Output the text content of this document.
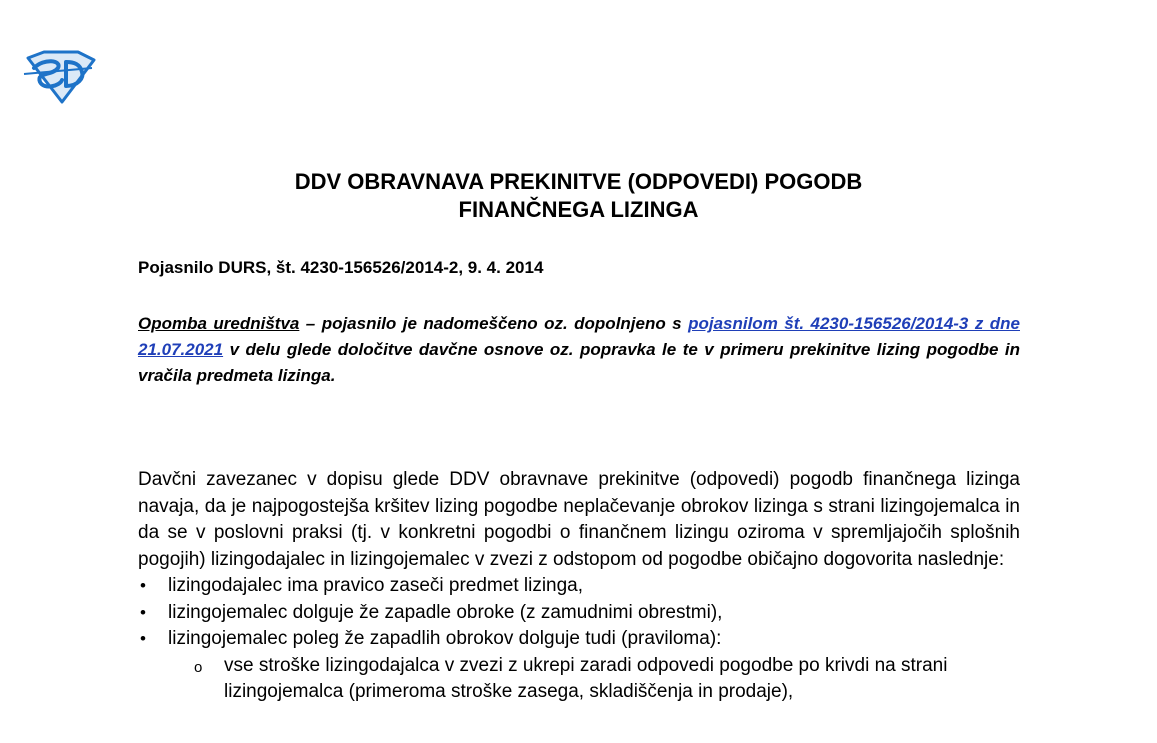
DDV OBRAVNAVA PREKINITVE (ODPOVEDI) POGODB
FINANČNEGA LIZINGA
Pojasnilo DURS, št. 4230-156526/2014-2, 9. 4. 2014
Opomba uredništva – pojasnilo je nadomeščeno oz. dopolnjeno s pojasnilom št. 4230-156526/2014-3 z dne 21.07.2021 v delu glede določitve davčne osnove oz. popravka le te v primeru prekinitve lizing pogodbe in vračila predmeta lizinga.

Davčni zavezanec v dopisu glede DDV obravnave prekinitve (odpovedi) pogodb finančnega lizinga navaja, da je najpogostejša kršitev lizing pogodbe neplačevanje obrokov lizinga s strani lizingojemalca in da se v poslovni praksi (tj. v konkretni pogodbi o finančnem lizingu oziroma v spremljajočih splošnih pogojih) lizingodajalec in lizingojemalec v zvezi z odstopom od pogodbe običajno dogovorita naslednje:

• lizingodajalec ima pravico zaseči predmet lizinga,
• lizingojemalec dolguje že zapadle obroke (z zamudnimi obrestmi),
• lizingojemalec poleg že zapadlih obrokov dolguje tudi (praviloma):
o vse stroške lizingodajalca v zvezi z ukrepi zaradi odpovedi pogodbe po krivdi na strani lizingojemalca (primeroma stroške zasega, skladiščenja in prodaje),
